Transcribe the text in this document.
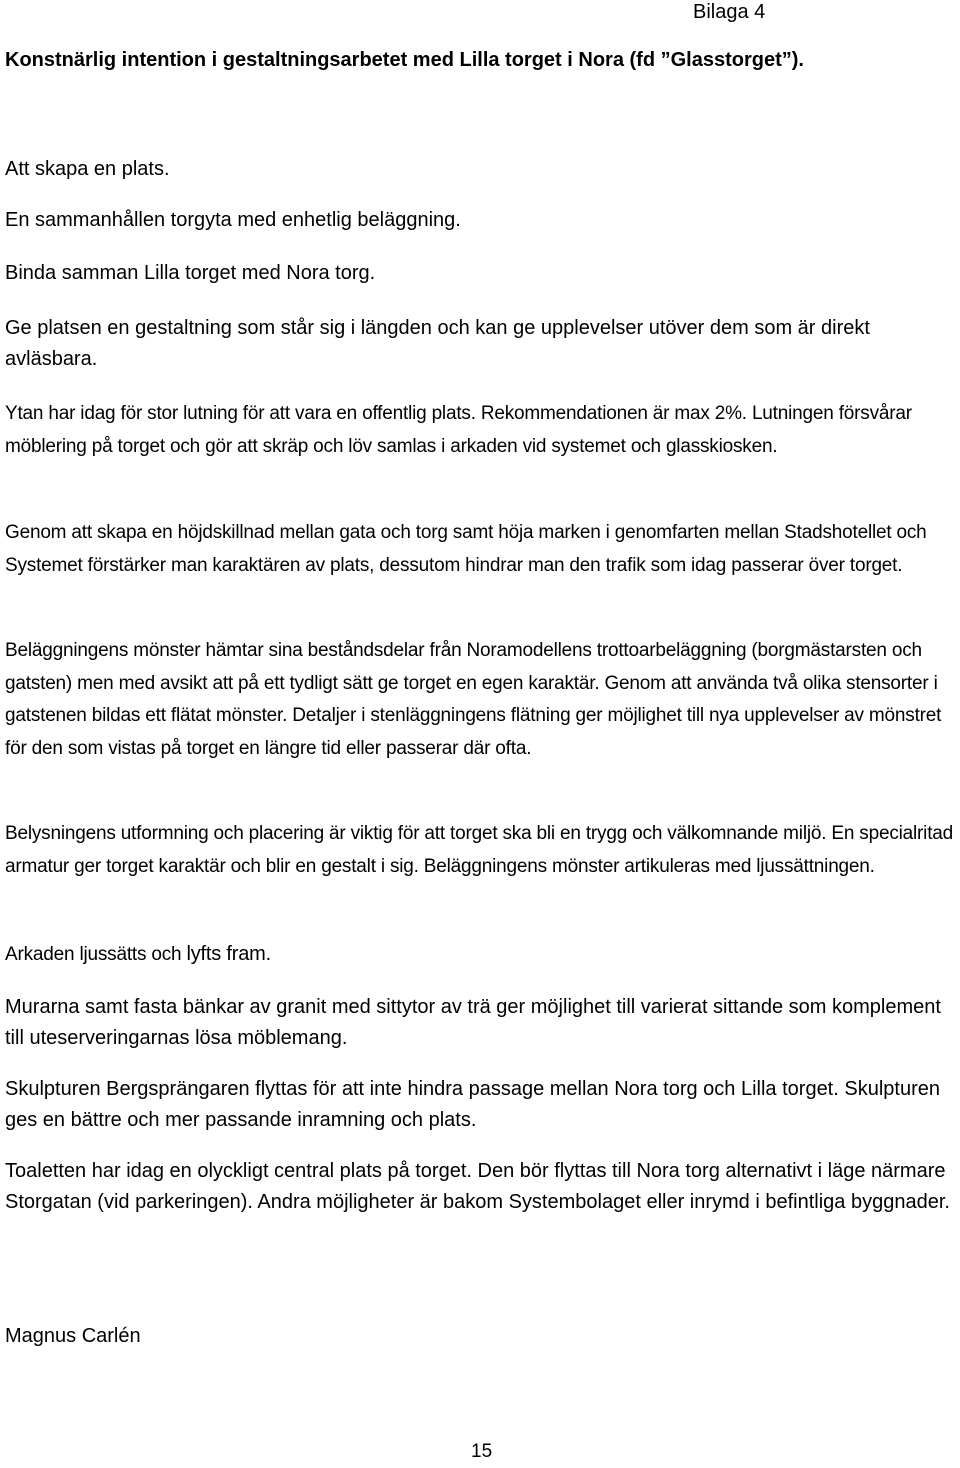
Bilaga 4

Konstnärlig intention i gestaltningsarbetet med Lilla torget i Nora (fd ”Glasstorget”).

Att skapa en plats.

En sammanhållen torgyta med enhetlig beläggning.

Binda samman Lilla torget med Nora torg.

Ge platsen en gestaltning som står sig i längden och kan ge upplevelser utöver dem som är direkt avläsbara.

Ytan har idag för stor lutning för att vara en offentlig plats. Rekommendationen är max 2%. Lutningen försvårar möblering på torget och gör att skräp och löv samlas i arkaden vid systemet och glasskiosken.

Genom att skapa en höjdskillnad mellan gata och torg samt höja marken i genomfarten mellan Stadshotellet och Systemet förstärker man karaktären av plats, dessutom hindrar man den trafik som idag passerar över torget.

Beläggningens mönster hämtar sina beståndsdelar från Noramodellens trottoarbeläggning (borgmästarsten och gatsten) men med avsikt att på ett tydligt sätt ge torget en egen karaktär. Genom att använda två olika stensorter i gatstenen bildas ett flätat mönster. Detaljer i stenläggningens flätning ger möjlighet till nya upplevelser av mönstret för den som vistas på torget en längre tid eller passerar där ofta.

Belysningens utformning och placering är viktig för att torget ska bli en trygg och välkomnande miljö. En specialritad armatur ger torget karaktär och blir en gestalt i sig. Beläggningens mönster artikuleras med ljussättningen.

Arkaden ljussätts och lyfts fram.

Murarna samt fasta bänkar av granit med sittytor av trä ger möjlighet till varierat sittande som komplement till uteserveringarnas lösa möblemang.

Skulpturen Bergsprängaren flyttas för att inte hindra passage mellan Nora torg och Lilla torget. Skulpturen ges en bättre och mer passande inramning och plats.

Toaletten har idag en olyckligt central plats på torget. Den bör flyttas till Nora torg alternativt i läge närmare Storgatan (vid parkeringen). Andra möjligheter är bakom Systembolaget eller inrymd i befintliga byggnader.

Magnus Carlén

15
